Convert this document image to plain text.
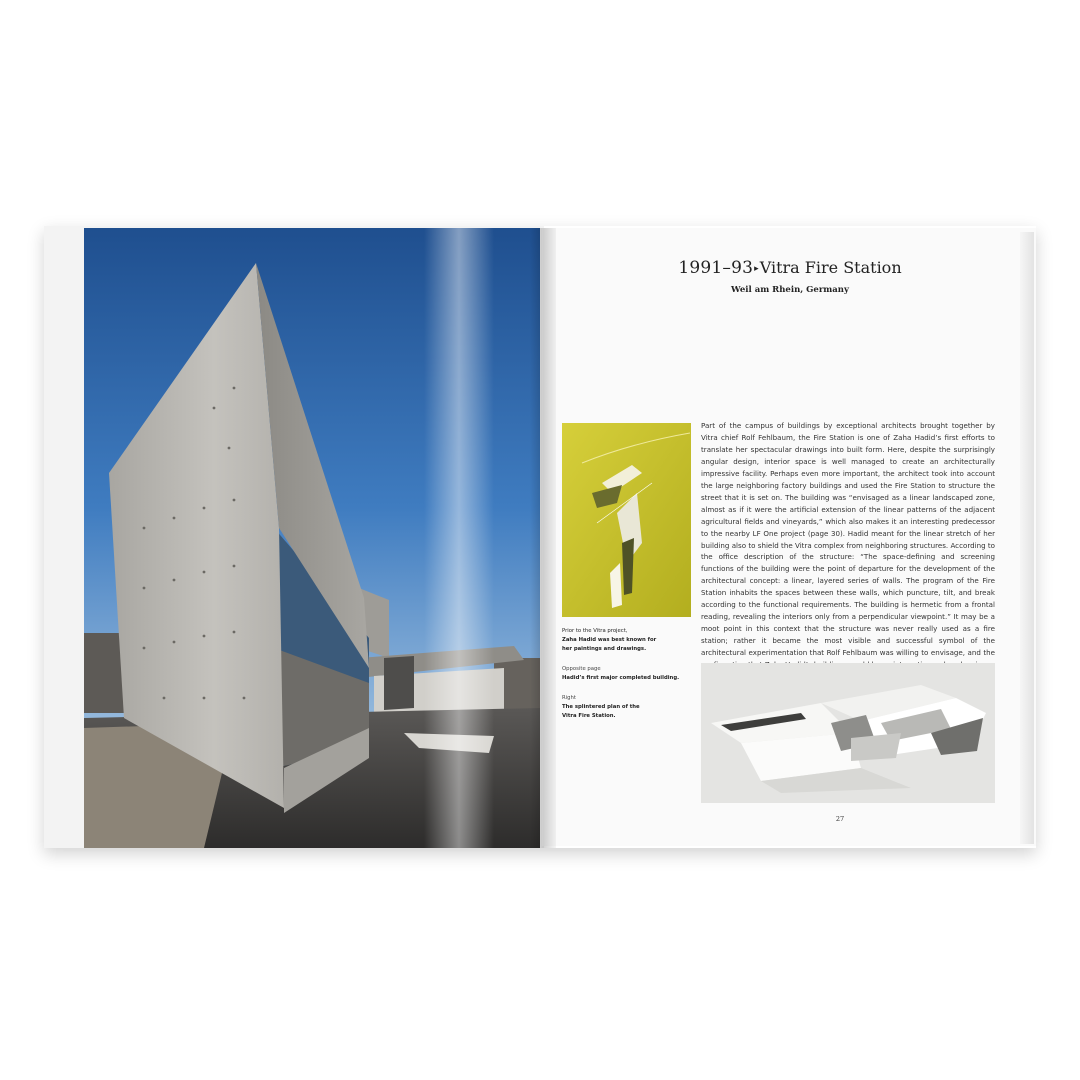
1991–93▸Vitra Fire Station
Weil am Rhein, Germany
Part of the campus of buildings by exceptional architects brought together by Vitra chief Rolf Fehlbaum, the Fire Station is one of Zaha Hadid’s first efforts to translate her spectacular drawings into built form. Here, despite the surprisingly angular design, interior space is well managed to create an architecturally impressive facility. Perhaps even more important, the architect took into account the large neighboring factory buildings and used the Fire Station to structure the street that it is set on. The building was “envisaged as a linear landscaped zone, almost as if it were the artificial extension of the linear patterns of the adjacent agricultural fields and vineyards,” which also makes it an interesting predecessor to the nearby LF One project (page 30). Hadid meant for the linear stretch of her building also to shield the Vitra complex from neighboring structures. According to the office description of the structure: “The space-defining and screening functions of the building were the point of departure for the development of the architectural concept: a linear, layered series of walls. The program of the Fire Station inhabits the spaces between these walls, which puncture, tilt, and break according to the functional requirements. The building is hermetic from a frontal reading, revealing the interiors only from a perpendicular viewpoint.” It may be a moot point in this context that the structure was never really used as a fire station; rather it became the most visible and successful symbol of the architectural experimentation that Rolf Fehlbaum was willing to envisage, and the
Prior to the Vitra project,
Zaha Hadid was best known for
her paintings and drawings.
Opposite page
Hadid’s first major completed building.
Right
The splintered plan of the
Vitra Fire Station.
27
